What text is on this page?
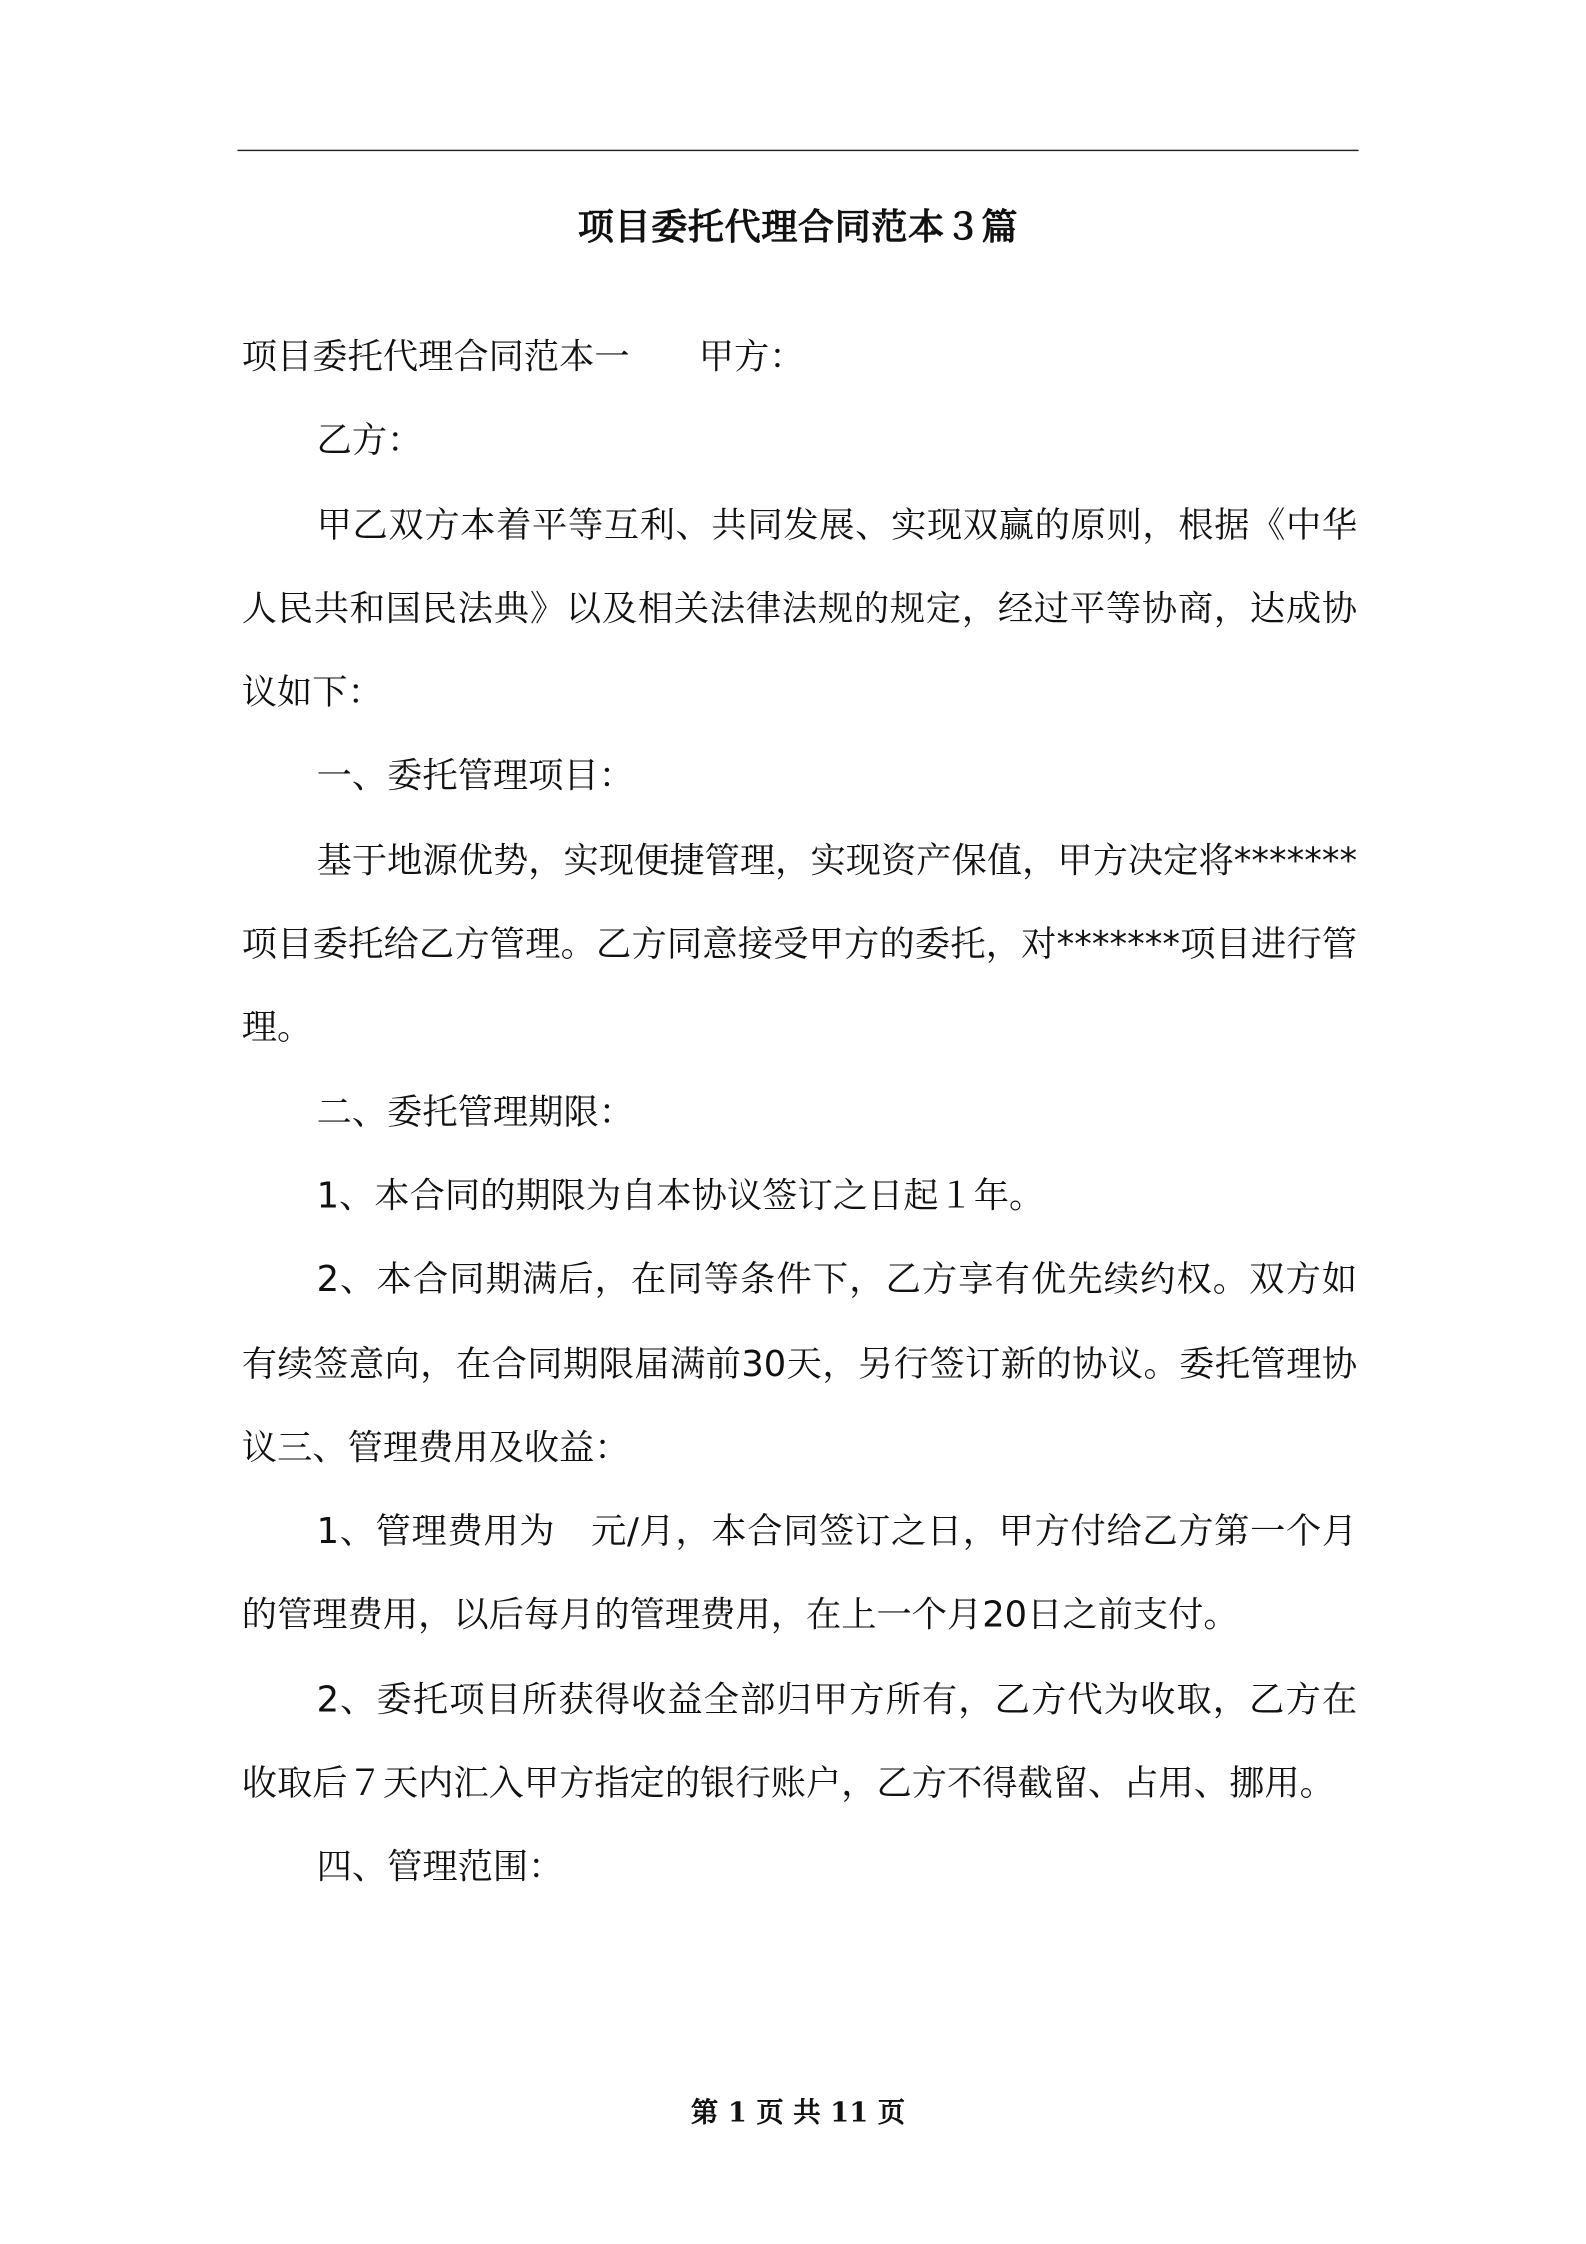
项目委托代理合同范本３篇

项目委托代理合同范本一	甲方：

乙方：

甲乙双方本着平等互利、共同发展、实现双赢的原则，根据《中华人民共和国民法典》以及相关法律法规的规定，经过平等协商，达成协议如下：

一、委托管理项目：

基于地源优势，实现便捷管理，实现资产保值，甲方决定将*******项目委托给乙方管理。乙方同意接受甲方的委托，对*******项目进行管理。

二、委托管理期限：

1、本合同的期限为自本协议签订之日起１年。

2、本合同期满后，在同等条件下，乙方享有优先续约权。双方如有续签意向，在合同期限届满前30天，另行签订新的协议。委托管理协议三、管理费用及收益：

1、管理费用为　元/月，本合同签订之日，甲方付给乙方第一个月的管理费用，以后每月的管理费用，在上一个月20日之前支付。

2、委托项目所获得收益全部归甲方所有，乙方代为收取，乙方在收取后７天内汇入甲方指定的银行账户，乙方不得截留、占用、挪用。

四、管理范围：

第 1 页 共 11 页
